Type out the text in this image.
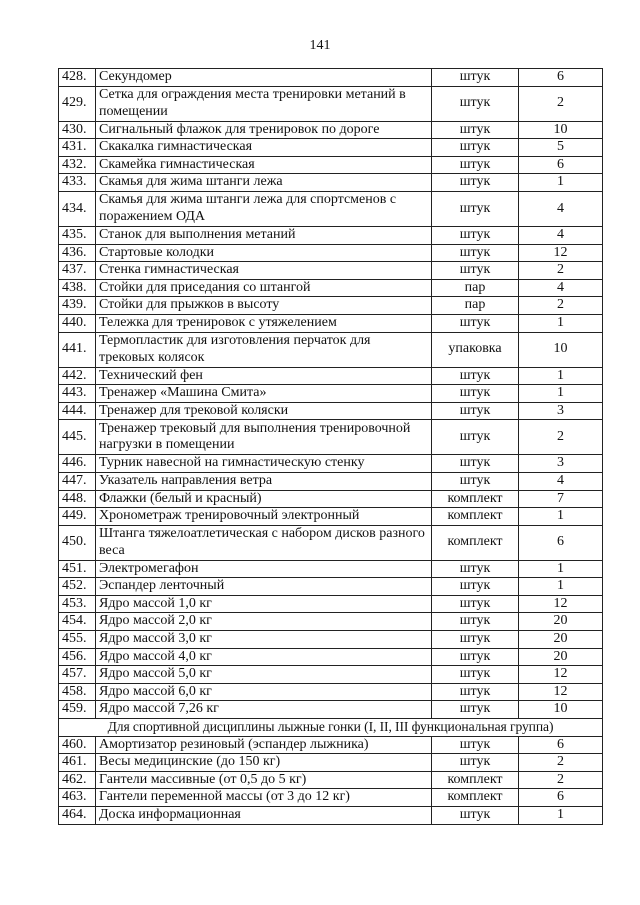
141
428.	Секундомер	штук	6
429.	Сетка для ограждения места тренировки метаний в помещении	штук	2
430.	Сигнальный флажок для тренировок по дороге	штук	10
431.	Скакалка гимнастическая	штук	5
432.	Скамейка гимнастическая	штук	6
433.	Скамья для жима штанги лежа	штук	1
434.	Скамья для жима штанги лежа для спортсменов с поражением ОДА	штук	4
435.	Станок для выполнения метаний	штук	4
436.	Стартовые колодки	штук	12
437.	Стенка гимнастическая	штук	2
438.	Стойки для приседания со штангой	пар	4
439.	Стойки для прыжков в высоту	пар	2
440.	Тележка для тренировок с утяжелением	штук	1
441.	Термопластик для изготовления перчаток для трековых колясок	упаковка	10
442.	Технический фен	штук	1
443.	Тренажер «Машина Смита»	штук	1
444.	Тренажер для трековой коляски	штук	3
445.	Тренажер трековый для выполнения тренировочной нагрузки в помещении	штук	2
446.	Турник навесной на гимнастическую стенку	штук	3
447.	Указатель направления ветра	штук	4
448.	Флажки (белый и красный)	комплект	7
449.	Хронометраж тренировочный электронный	комплект	1
450.	Штанга тяжелоатлетическая с набором дисков разного веса	комплект	6
451.	Электромегафон	штук	1
452.	Эспандер ленточный	штук	1
453.	Ядро массой 1,0 кг	штук	12
454.	Ядро массой 2,0 кг	штук	20
455.	Ядро массой 3,0 кг	штук	20
456.	Ядро массой 4,0 кг	штук	20
457.	Ядро массой 5,0 кг	штук	12
458.	Ядро массой 6,0 кг	штук	12
459.	Ядро массой 7,26 кг	штук	10
Для спортивной дисциплины лыжные гонки (I, II, III функциональная группа)			
460.	Амортизатор резиновый (эспандер лыжника)	штук	6
461.	Весы медицинские (до 150 кг)	штук	2
462.	Гантели массивные (от 0,5 до 5 кг)	комплект	2
463.	Гантели переменной массы (от 3 до 12 кг)	комплект	6
464.	Доска информационная	штук	1
